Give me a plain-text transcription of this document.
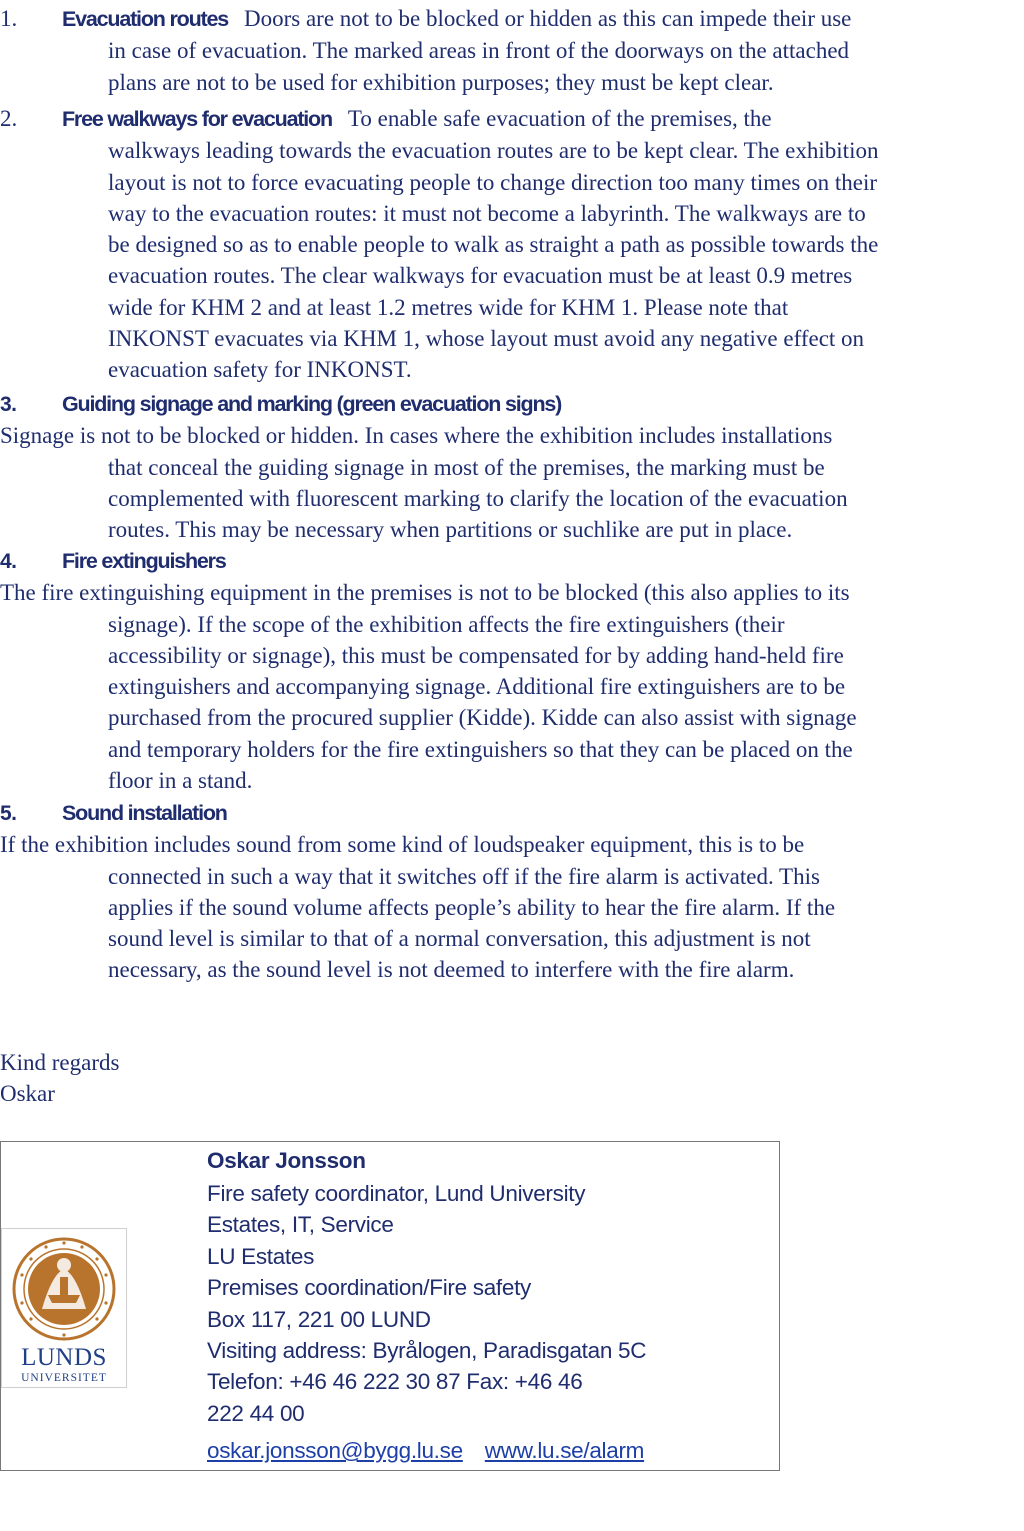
1. Evacuation routes Doors are not to be blocked or hidden as this can impede their use
in case of evacuation. The marked areas in front of the doorways on the attached
plans are not to be used for exhibition purposes; they must be kept clear.
2. Free walkways for evacuation To enable safe evacuation of the premises, the
walkways leading towards the evacuation routes are to be kept clear. The exhibition
layout is not to force evacuating people to change direction too many times on their
way to the evacuation routes: it must not become a labyrinth. The walkways are to
be designed so as to enable people to walk as straight a path as possible towards the
evacuation routes. The clear walkways for evacuation must be at least 0.9 metres
wide for KHM 2 and at least 1.2 metres wide for KHM 1. Please note that
INKONST evacuates via KHM 1, whose layout must avoid any negative effect on
evacuation safety for INKONST.
3. Guiding signage and marking (green evacuation signs)
Signage is not to be blocked or hidden. In cases where the exhibition includes installations
that conceal the guiding signage in most of the premises, the marking must be
complemented with fluorescent marking to clarify the location of the evacuation
routes. This may be necessary when partitions or suchlike are put in place.
4. Fire extinguishers
The fire extinguishing equipment in the premises is not to be blocked (this also applies to its
signage). If the scope of the exhibition affects the fire extinguishers (their
accessibility or signage), this must be compensated for by adding hand-held fire
extinguishers and accompanying signage. Additional fire extinguishers are to be
purchased from the procured supplier (Kidde). Kidde can also assist with signage
and temporary holders for the fire extinguishers so that they can be placed on the
floor in a stand.
5. Sound installation
If the exhibition includes sound from some kind of loudspeaker equipment, this is to be
connected in such a way that it switches off if the fire alarm is activated. This
applies if the sound volume affects people’s ability to hear the fire alarm. If the
sound level is similar to that of a normal conversation, this adjustment is not
necessary, as the sound level is not deemed to interfere with the fire alarm.
Kind regards
Oskar
LUNDS
UNIVERSITET
Oskar Jonsson
Fire safety coordinator, Lund University
Estates, IT, Service
LU Estates
Premises coordination/Fire safety
Box 117, 221 00 LUND
Visiting address: Byrålogen, Paradisgatan 5C
Telefon: +46 46 222 30 87 Fax: +46 46
222 44 00
oskar.jonsson@bygg.lu.se www.lu.se/alarm
